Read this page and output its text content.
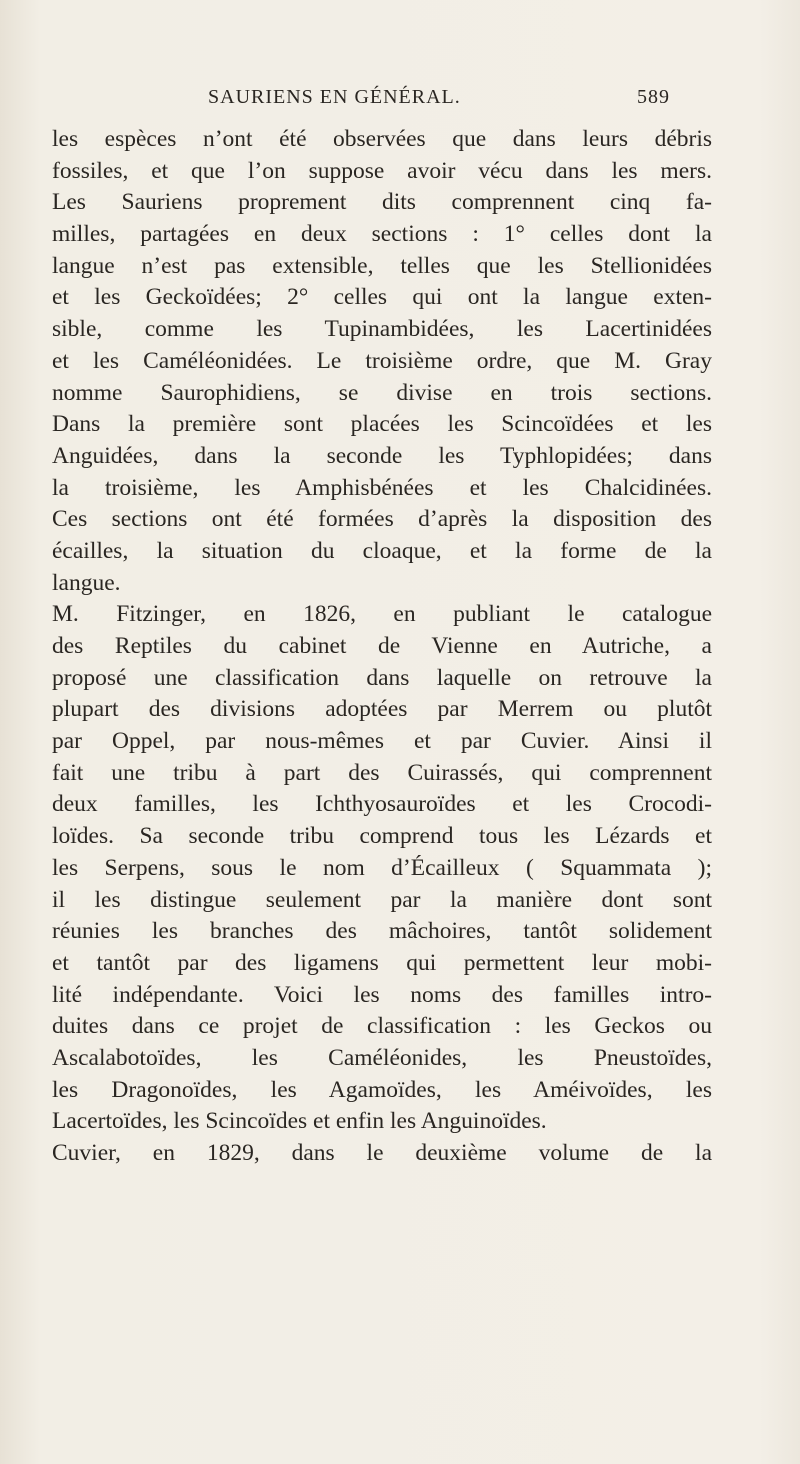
SAURIENS EN GÉNÉRAL.	589
les espèces n’ont été observées que dans leurs débris
fossiles, et que l’on suppose avoir vécu dans les mers.
Les Sauriens proprement dits comprennent cinq fa-
milles, partagées en deux sections : 1° celles dont la
langue n’est pas extensible, telles que les Stellionidées
et les Geckoïdées; 2° celles qui ont la langue exten-
sible, comme les Tupinambidées, les Lacertinidées
et les Caméléonidées. Le troisième ordre, que M. Gray
nomme Saurophidiens, se divise en trois sections.
Dans la première sont placées les Scincoïdées et les
Anguidées, dans la seconde les Typhlopidées; dans
la troisième, les Amphisbénées et les Chalcidinées.
Ces sections ont été formées d’après la disposition des
écailles, la situation du cloaque, et la forme de la
langue.
M. Fitzinger, en 1826, en publiant le catalogue
des Reptiles du cabinet de Vienne en Autriche, a
proposé une classification dans laquelle on retrouve la
plupart des divisions adoptées par Merrem ou plutôt
par Oppel, par nous-mêmes et par Cuvier. Ainsi il
fait une tribu à part des Cuirassés, qui comprennent
deux familles, les Ichthyosauroïdes et les Crocodi-
loïdes. Sa seconde tribu comprend tous les Lézards et
les Serpens, sous le nom d’Écailleux ( Squammata );
il les distingue seulement par la manière dont sont
réunies les branches des mâchoires, tantôt solidement
et tantôt par des ligamens qui permettent leur mobi-
lité indépendante. Voici les noms des familles intro-
duites dans ce projet de classification : les Geckos ou
Ascalabotoïdes, les Caméléonides, les Pneustoïdes,
les Dragonoïdes, les Agamoïdes, les Améivoïdes, les
Lacertoïdes, les Scincoïdes et enfin les Anguinoïdes.
Cuvier, en 1829, dans le deuxième volume de la
